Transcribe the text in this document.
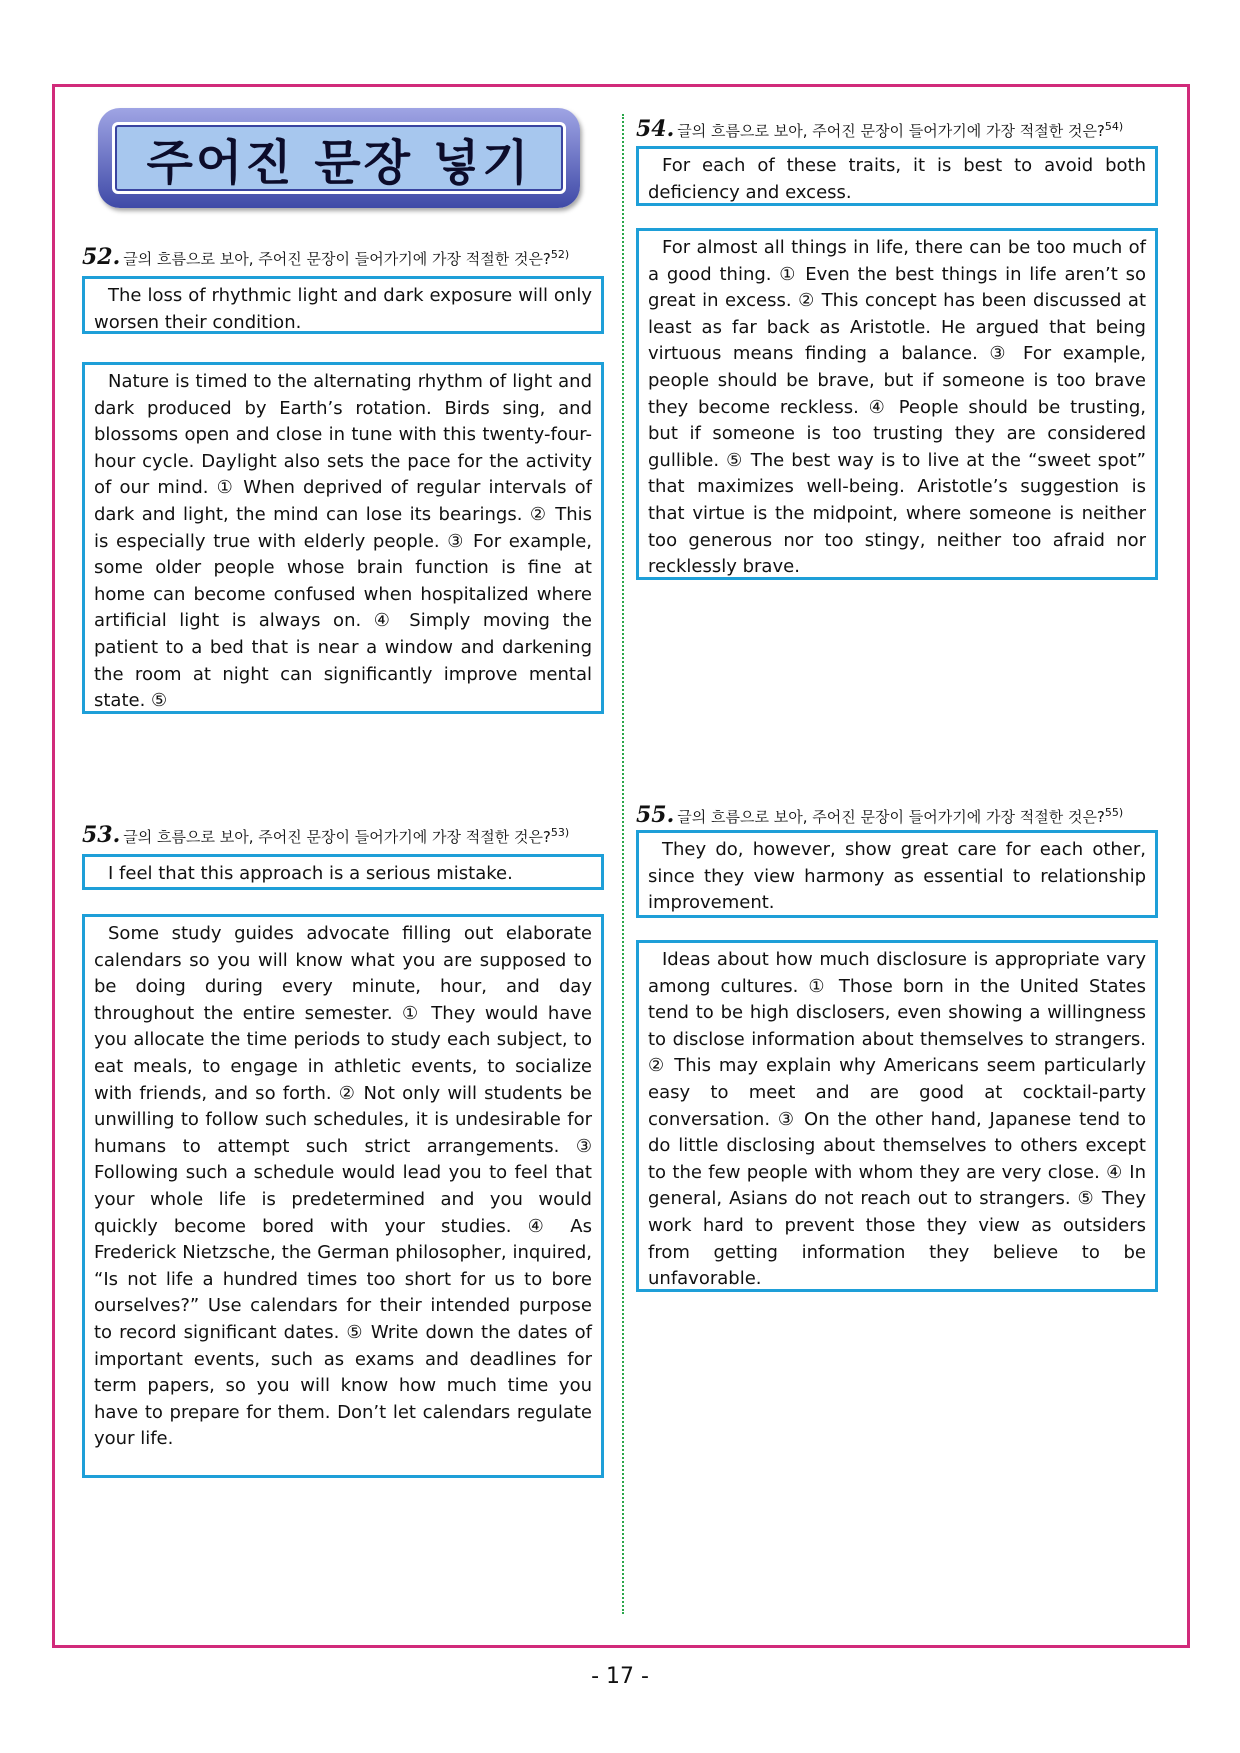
주어진 문장 넣기
52. 글의 흐름으로 보아, 주어진 문장이 들어가기에 가장 적절한 것은?$^{52)}$
The loss of rhythmic light and dark exposure will only worsen their condition.
Nature is timed to the alternating rhythm of light and dark produced by Earth’s rotation. Birds sing, and blossoms open and close in tune with this twenty-four-hour cycle. Daylight also sets the pace for the activity of our mind. ① When deprived of regular intervals of dark and light, the mind can lose its bearings. ② This is especially true with elderly people. ③ For example, some older people whose brain function is fine at home can become confused when hospitalized where artificial light is always on. ④ Simply moving the patient to a bed that is near a window and darkening the room at night can significantly improve mental state. ⑤
53. 글의 흐름으로 보아, 주어진 문장이 들어가기에 가장 적절한 것은?$^{53)}$
I feel that this approach is a serious mistake.
Some study guides advocate filling out elaborate calendars so you will know what you are supposed to be doing during every minute, hour, and day throughout the entire semester. ① They would have you allocate the time periods to study each subject, to eat meals, to engage in athletic events, to socialize with friends, and so forth. ② Not only will students be unwilling to follow such schedules, it is undesirable for humans to attempt such strict arrangements. ③ Following such a schedule would lead you to feel that your whole life is predetermined and you would quickly become bored with your studies. ④ As Frederick Nietzsche, the German philosopher, inquired, “Is not life a hundred times too short for us to bore ourselves?” Use calendars for their intended purpose to record significant dates. ⑤ Write down the dates of important events, such as exams and deadlines for term papers, so you will know how much time you have to prepare for them. Don’t let calendars regulate your life.
54. 글의 흐름으로 보아, 주어진 문장이 들어가기에 가장 적절한 것은?$^{54)}$
For each of these traits, it is best to avoid both deficiency and excess.
For almost all things in life, there can be too much of a good thing. ① Even the best things in life aren’t so great in excess. ② This concept has been discussed at least as far back as Aristotle. He argued that being virtuous means finding a balance. ③ For example, people should be brave, but if someone is too brave they become reckless. ④ People should be trusting, but if someone is too trusting they are considered gullible. ⑤ The best way is to live at the “sweet spot” that maximizes well-being. Aristotle’s suggestion is that virtue is the midpoint, where someone is neither too generous nor too stingy, neither too afraid nor recklessly brave.
55. 글의 흐름으로 보아, 주어진 문장이 들어가기에 가장 적절한 것은?$^{55)}$
They do, however, show great care for each other, since they view harmony as essential to relationship improvement.
Ideas about how much disclosure is appropriate vary among cultures. ① Those born in the United States tend to be high disclosers, even showing a willingness to disclose information about themselves to strangers. ② This may explain why Americans seem particularly easy to meet and are good at cocktail-party conversation. ③ On the other hand, Japanese tend to do little disclosing about themselves to others except to the few people with whom they are very close. ④ In general, Asians do not reach out to strangers. ⑤ They work hard to prevent those they view as outsiders from getting information they believe to be unfavorable.
- 17 -
